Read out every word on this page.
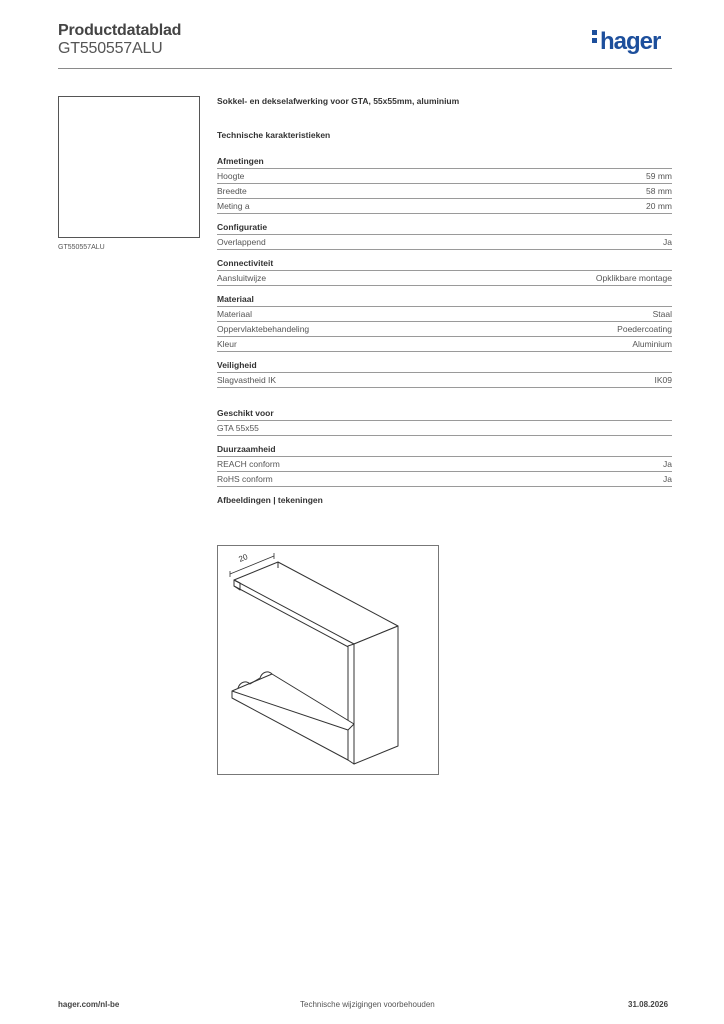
Productdatablad
GT550557ALU	hager
GT550557ALU
Sokkel- en dekselafwerking voor GTA, 55x55mm, aluminium
Technische karakteristieken
Afmetingen
Hoogte	59 mm
Breedte	58 mm
Meting a	20 mm
Configuratie
Overlappend	Ja
Connectiviteit
Aansluitwijze	Opklikbare montage
Materiaal
Materiaal	Staal
Oppervlaktebehandeling	Poedercoating
Kleur	Aluminium
Veiligheid
Slagvastheid IK	IK09
Geschikt voor
GTA 55x55
Duurzaamheid
REACH conform	Ja
RoHS conform	Ja
Afbeeldingen | tekeningen
20
hager.com/nl-be	Technische wijzigingen voorbehouden	31.08.2026
